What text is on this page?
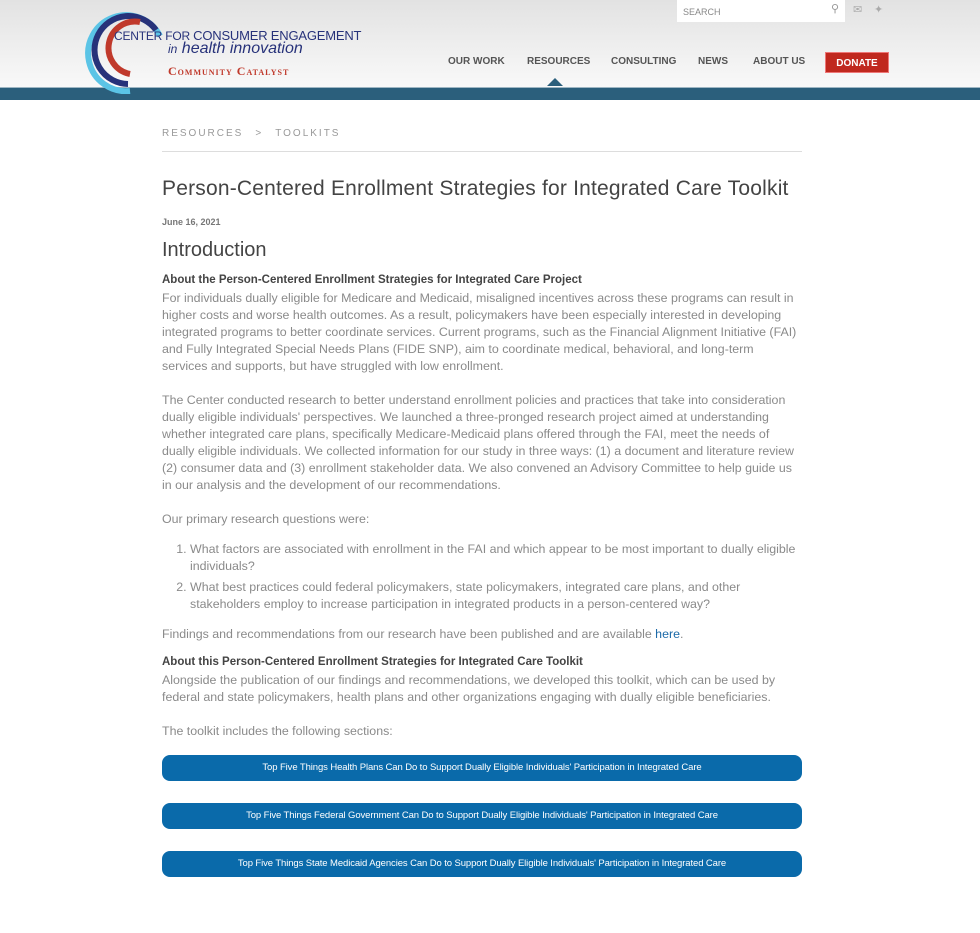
CENTER FOR CONSUMER ENGAGEMENT
in health innovation
Community Catalyst
SEARCH	⚲ ✉ ✦
OUR WORK RESOURCES CONSULTING NEWS	ABOUT US	DONATE
RESOURCES > TOOLKITS
Person-Centered Enrollment Strategies for Integrated Care Toolkit
June 16, 2021
Introduction
About the Person-Centered Enrollment Strategies for Integrated Care Project

For individuals dually eligible for Medicare and Medicaid, misaligned incentives across these programs can result in higher costs and worse health outcomes. As a result, policymakers have been especially interested in developing integrated programs to better coordinate services. Current programs, such as the Financial Alignment Initiative (FAI) and Fully Integrated Special Needs Plans (FIDE SNP), aim to coordinate medical, behavioral, and long-term services and supports, but have struggled with low enrollment.

The Center conducted research to better understand enrollment policies and practices that take into consideration dually eligible individuals' perspectives. We launched a three-pronged research project aimed at understanding whether integrated care plans, specifically Medicare-Medicaid plans offered through the FAI, meet the needs of dually eligible individuals. We collected information for our study in three ways: (1) a document and literature review (2) consumer data and (3) enrollment stakeholder data. We also convened an Advisory Committee to help guide us in our analysis and the development of our recommendations.

Our primary research questions were:

1. What factors are associated with enrollment in the FAI and which appear to be most important to dually eligible individuals?
2. What best practices could federal policymakers, state policymakers, integrated care plans, and other stakeholders employ to increase participation in integrated products in a person-centered way?

Findings and recommendations from our research have been published and are available here.

About this Person-Centered Enrollment Strategies for Integrated Care Toolkit

Alongside the publication of our findings and recommendations, we developed this toolkit, which can be used by federal and state policymakers, health plans and other organizations engaging with dually eligible beneficiaries.

The toolkit includes the following sections:

Top Five Things Health Plans Can Do to Support Dually Eligible Individuals' Participation in Integrated Care
Top Five Things Federal Government Can Do to Support Dually Eligible Individuals' Participation in Integrated Care
Top Five Things State Medicaid Agencies Can Do to Support Dually Eligible Individuals' Participation in Integrated Care
